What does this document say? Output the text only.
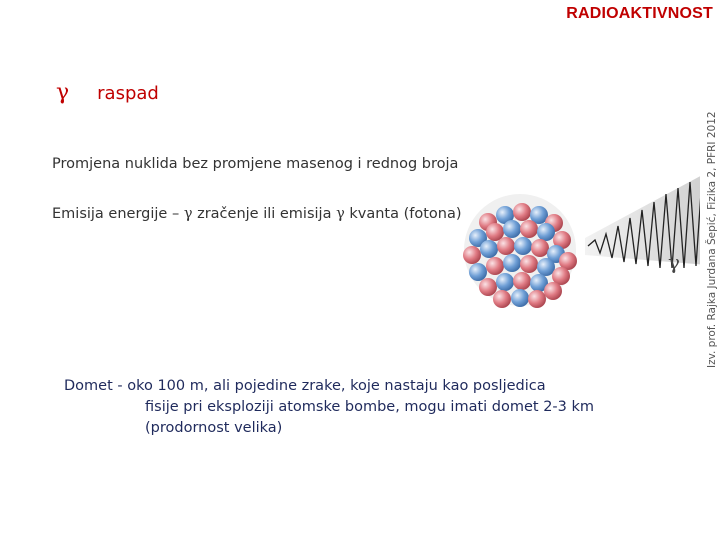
RADIOAKTIVNOST
γ raspad
Promjena nuklida bez promjene masenog i rednog broja
Emisija energije – γ zračenje ili emisija γ kvanta (fotona)
γ
Domet - oko 100 m, ali pojedine zrake, koje nastaju kao posljedica
fisije pri eksploziji atomske bombe, mogu imati domet 2-3 km
(prodornost velika)
Izv. prof. Rajka Jurdana Šepić, Fizika 2, PFRI 2012
